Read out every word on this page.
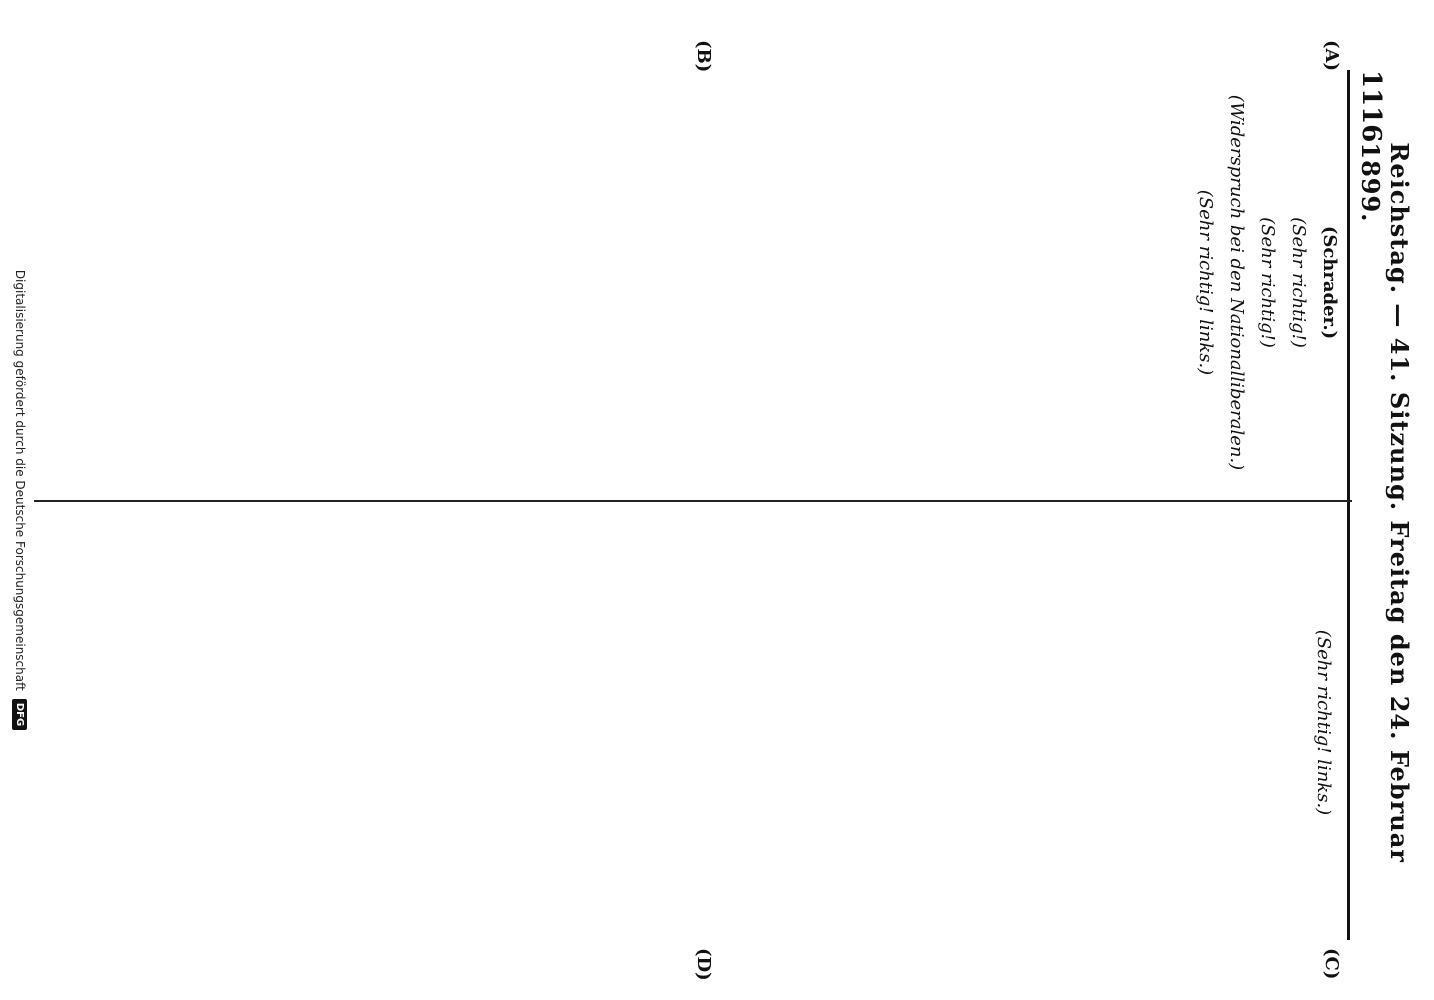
1116
Reichstag. — 41. Sitzung. Freitag den 24. Februar 1899.
(A)
(B)
(C)
(D)

(Schrader.)

(Sehr richtig!)

(Sehr richtig!)

(Widerspruch bei den Nationalliberalen.)

(Sehr richtig! links.)

(Sehr richtig! links.)

Digitalisierung gefördert durch die Deutsche Forschungsgemeinschaft
DFG
